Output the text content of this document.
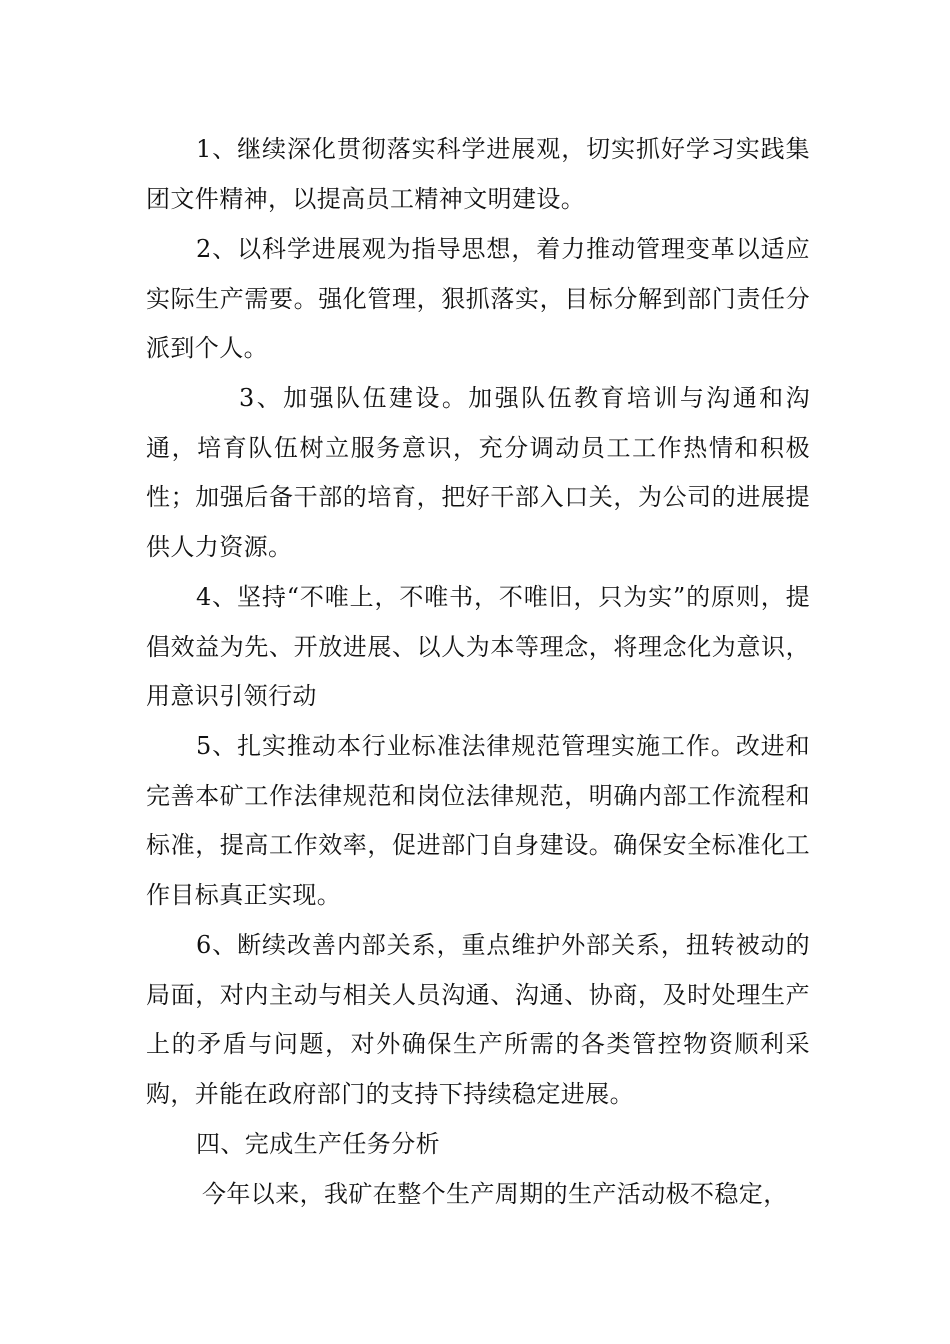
1、继续深化贯彻落实科学进展观，切实抓好学习实践集团文件精神，以提高员工精神文明建设。

2、以科学进展观为指导思想，着力推动管理变革以适应实际生产需要。强化管理，狠抓落实，目标分解到部门责任分派到个人。

3、加强队伍建设。加强队伍教育培训与沟通和沟通，培育队伍树立服务意识，充分调动员工工作热情和积极性；加强后备干部的培育，把好干部入口关，为公司的进展提供人力资源。

4、坚持“不唯上，不唯书，不唯旧，只为实”的原则，提倡效益为先、开放进展、以人为本等理念，将理念化为意识，用意识引领行动

5、扎实推动本行业标准法律规范管理实施工作。改进和完善本矿工作法律规范和岗位法律规范，明确内部工作流程和标准，提高工作效率，促进部门自身建设。确保安全标准化工作目标真正实现。

6、断续改善内部关系，重点维护外部关系，扭转被动的局面，对内主动与相关人员沟通、沟通、协商，及时处理生产上的矛盾与问题，对外确保生产所需的各类管控物资顺利采购，并能在政府部门的支持下持续稳定进展。

四、完成生产任务分析

今年以来，我矿在整个生产周期的生产活动极不稳定，
